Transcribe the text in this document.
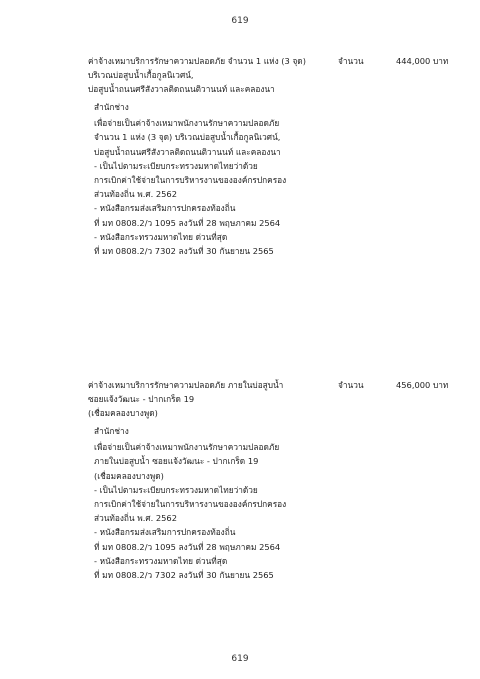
619
ค่าจ้างเหมาบริการรักษาความปลอดภัย จำนวน 1 แห่ง (3 จุด)
บริเวณบ่อสูบน้ำเกื้อกูลนิเวศน์,
บ่อสูบน้ำถนนศรีสังวาลติดถนนติวานนท์ และคลองนา
จำนวน	444,000 บาท
สำนักช่าง
เพื่อจ่ายเป็นค่าจ้างเหมาพนักงานรักษาความปลอดภัย
จำนวน 1 แห่ง (3 จุด) บริเวณบ่อสูบน้ำเกื้อกูลนิเวศน์,
บ่อสูบน้ำถนนศรีสังวาลติดถนนติวานนท์ และคลองนา
- เป็นไปตามระเบียบกระทรวงมหาดไทยว่าด้วย
การเบิกค่าใช้จ่ายในการบริหารงานขององค์กรปกครอง
ส่วนท้องถิ่น พ.ศ. 2562
- หนังสือกรมส่งเสริมการปกครองท้องถิ่น
ที่ มท 0808.2/ว 1095 ลงวันที่ 28 พฤษภาคม 2564
- หนังสือกระทรวงมหาดไทย ด่วนที่สุด
ที่ มท 0808.2/ว 7302 ลงวันที่ 30 กันยายน 2565
ค่าจ้างเหมาบริการรักษาความปลอดภัย ภายในบ่อสูบน้ำ
ซอยแจ้งวัฒนะ - ปากเกร็ด 19
(เชื่อมคลองบางพูด)
จำนวน	456,000 บาท
สำนักช่าง
เพื่อจ่ายเป็นค่าจ้างเหมาพนักงานรักษาความปลอดภัย
ภายในบ่อสูบน้ำ ซอยแจ้งวัฒนะ - ปากเกร็ด 19
(เชื่อมคลองบางพูด)
- เป็นไปตามระเบียบกระทรวงมหาดไทยว่าด้วย
การเบิกค่าใช้จ่ายในการบริหารงานขององค์กรปกครอง
ส่วนท้องถิ่น พ.ศ. 2562
- หนังสือกรมส่งเสริมการปกครองท้องถิ่น
ที่ มท 0808.2/ว 1095 ลงวันที่ 28 พฤษภาคม 2564
- หนังสือกระทรวงมหาดไทย ด่วนที่สุด
ที่ มท 0808.2/ว 7302 ลงวันที่ 30 กันยายน 2565
619
